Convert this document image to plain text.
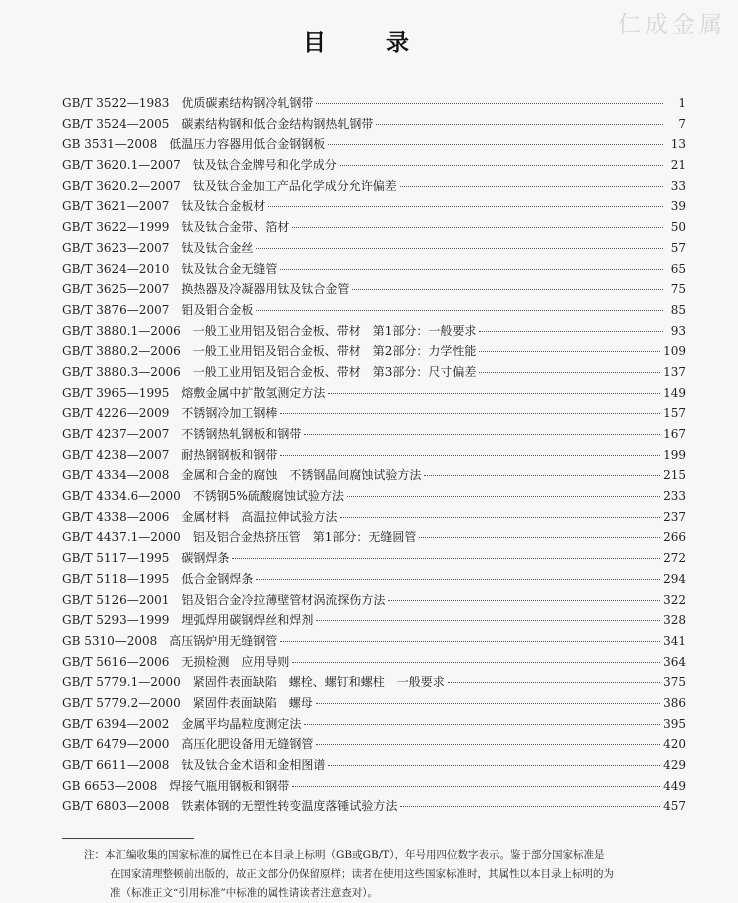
仁成金属
目 录
GB/T 3522—1983 优质碳素结构钢冷轧钢带	1
GB/T 3524—2005 碳素结构钢和低合金结构钢热轧钢带	7
GB 3531—2008 低温压力容器用低合金钢钢板	13
GB/T 3620.1—2007 钛及钛合金牌号和化学成分	21
GB/T 3620.2—2007 钛及钛合金加工产品化学成分允许偏差	33
GB/T 3621—2007 钛及钛合金板材	39
GB/T 3622—1999 钛及钛合金带、箔材	50
GB/T 3623—2007 钛及钛合金丝	57
GB/T 3624—2010 钛及钛合金无缝管	65
GB/T 3625—2007 换热器及冷凝器用钛及钛合金管	75
GB/T 3876—2007 钼及钼合金板	85
GB/T 3880.1—2006 一般工业用铝及铝合金板、带材　第1部分：一般要求	93
GB/T 3880.2—2006 一般工业用铝及铝合金板、带材　第2部分：力学性能	109
GB/T 3880.3—2006 一般工业用铝及铝合金板、带材　第3部分：尺寸偏差	137
GB/T 3965—1995 熔敷金属中扩散氢测定方法	149
GB/T 4226—2009 不锈钢冷加工钢棒	157
GB/T 4237—2007 不锈钢热轧钢板和钢带	167
GB/T 4238—2007 耐热钢钢板和钢带	199
GB/T 4334—2008 金属和合金的腐蚀　不锈钢晶间腐蚀试验方法	215
GB/T 4334.6—2000 不锈钢5%硫酸腐蚀试验方法	233
GB/T 4338—2006 金属材料　高温拉伸试验方法	237
GB/T 4437.1—2000 铝及铝合金热挤压管　第1部分：无缝圆管	266
GB/T 5117—1995 碳钢焊条	272
GB/T 5118—1995 低合金钢焊条	294
GB/T 5126—2001 铝及铝合金冷拉薄壁管材涡流探伤方法	322
GB/T 5293—1999 埋弧焊用碳钢焊丝和焊剂	328
GB 5310—2008 高压锅炉用无缝钢管	341
GB/T 5616—2006 无损检测　应用导则	364
GB/T 5779.1—2000 紧固件表面缺陷　螺栓、螺钉和螺柱　一般要求	375
GB/T 5779.2—2000 紧固件表面缺陷　螺母	386
GB/T 6394—2002 金属平均晶粒度测定法	395
GB/T 6479—2000 高压化肥设备用无缝钢管	420
GB/T 6611—2008 钛及钛合金术语和金相图谱	429
GB 6653—2008 焊接气瓶用钢板和钢带	449
GB/T 6803—2008 铁素体钢的无塑性转变温度落锤试验方法	457
注：本汇编收集的国家标准的属性已在本目录上标明（GB或GB/T），年号用四位数字表示。鉴于部分国家标准是
在国家清理整顿前出版的，故正文部分仍保留原样；读者在使用这些国家标准时，其属性以本目录上标明的为
准（标准正文“引用标准”中标准的属性请读者注意查对）。
